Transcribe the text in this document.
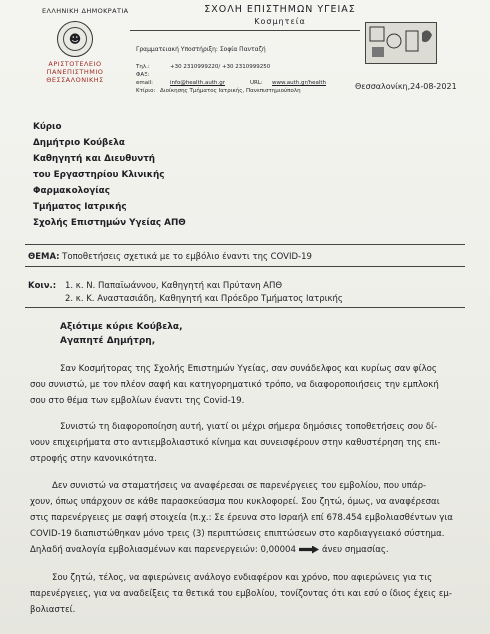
ΕΛΛΗΝΙΚΗ ΔΗΜΟΚΡΑΤΙΑ
☻
ΑΡΙΣΤΟΤΕΛΕΙΟ
ΠΑΝΕΠΙΣΤΗΜΙΟ
ΘΕΣΣΑΛΟΝΙΚΗΣ
ΣΧΟΛΗ ΕΠΙΣΤΗΜΩΝ ΥΓΕΙΑΣ
Κοσμητεία
Γραμματειακή Υποστήριξη: Σοφία Πανταζή
Τηλ.:	+30 2310999220/ +30 2310999250
ΦΑΞ:
email:	info@health.auth.gr	URL: www.auth.gr/health
Κτίριο: Διοίκησης Τμήματος Ιατρικής, Πανεπιστημιούπολη	Θεσσαλονίκη,24-08-2021
Κύριο
Δημήτριο Κούβελα
Καθηγητή και Διευθυντή
του Εργαστηρίου Κλινικής
Φαρμακολογίας
Τμήματος Ιατρικής
Σχολής Επιστημών Υγείας ΑΠΘ
ΘΕΜΑ: Τοποθετήσεις σχετικά με το εμβόλιο έναντι της COVID-19
Κοιν.: 1. κ. Ν. Παπαϊωάννου, Καθηγητή και Πρύτανη ΑΠΘ
2. κ. Κ. Αναστασιάδη, Καθηγητή και Πρόεδρο Τμήματος Ιατρικής
Αξιότιμε κύριε Κούβελα,
Αγαπητέ Δημήτρη,
Σαν Κοσμήτορας της Σχολής Επιστημών Υγείας, σαν συνάδελφος και κυρίως σαν φίλος
σου συνιστώ, με τον πλέον σαφή και κατηγορηματικό τρόπο, να διαφοροποιήσεις την εμπλοκή
σου στο θέμα των εμβολίων έναντι της Covid-19.
Συνιστώ τη διαφοροποίηση αυτή, γιατί οι μέχρι σήμερα δημόσιες τοποθετήσεις σου δί-
νουν επιχειρήματα στο αντιεμβολιαστικό κίνημα και συνεισφέρουν στην καθυστέρηση της επι-
στροφής στην κανονικότητα.
Δεν συνιστώ να σταματήσεις να αναφέρεσαι σε παρενέργειες του εμβολίου, που υπάρ-
χουν, όπως υπάρχουν σε κάθε παρασκεύασμα που κυκλοφορεί. Σου ζητώ, όμως, να αναφέρεσαι
στις παρενέργειες με σαφή στοιχεία (π.χ.: Σε έρευνα στο Ισραήλ επί 678.454 εμβολιασθέντων για
COVID-19 διαπιστώθηκαν μόνο τρεις (3) περιπτώσεις επιπτώσεων στο καρδιαγγειακό σύστημα.
Δηλαδή αναλογία εμβολιασμένων και παρενεργειών: 0,00004	άνευ σημασίας.
Σου ζητώ, τέλος, να αφιερώνεις ανάλογο ενδιαφέρον και χρόνο, που αφιερώνεις για τις
παρενέργειες, για να αναδείξεις τα θετικά του εμβολίου, τονίζοντας ότι και εσύ ο ίδιος έχεις εμ-
βολιαστεί.
